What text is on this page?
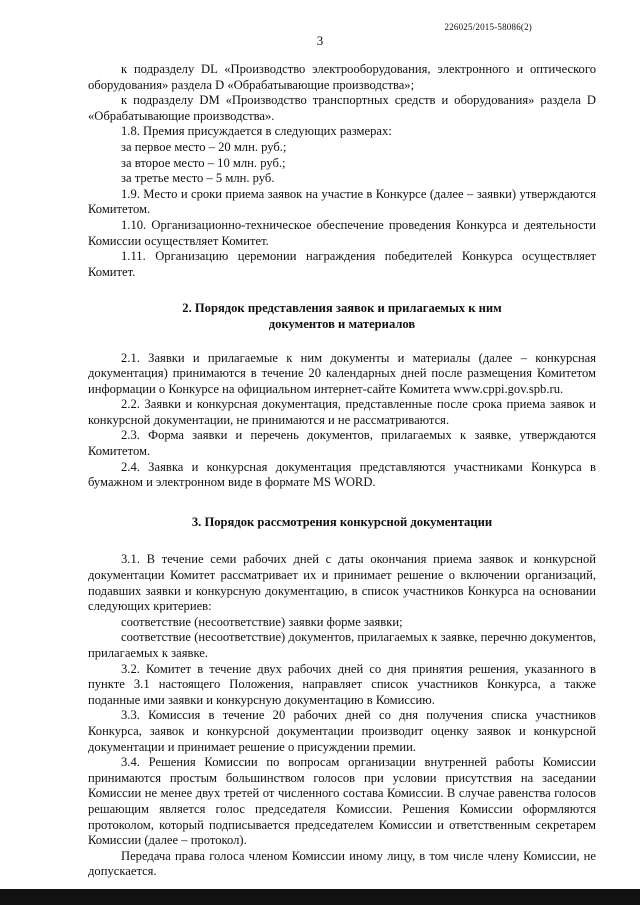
226025/2015-58086(2)
3

к подразделу DL «Производство электрооборудования, электронного и оптического оборудования» раздела D «Обрабатывающие производства»;

к подразделу DM «Производство транспортных средств и оборудования» раздела D «Обрабатывающие производства».

1.8. Премия присуждается в следующих размерах:

за первое место – 20 млн. руб.;

за второе место – 10 млн. руб.;

за третье место – 5 млн. руб.

1.9. Место и сроки приема заявок на участие в Конкурсе (далее – заявки) утверждаются Комитетом.

1.10. Организационно-техническое обеспечение проведения Конкурса и деятельности Комиссии осуществляет Комитет.

1.11. Организацию церемонии награждения победителей Конкурса осуществляет Комитет.

2. Порядок представления заявок и прилагаемых к ним

документов и материалов

2.1. Заявки и прилагаемые к ним документы и материалы (далее – конкурсная документация) принимаются в течение 20 календарных дней после размещения Комитетом информации о Конкурсе на официальном интернет-сайте Комитета www.cppi.gov.spb.ru.

2.2. Заявки и конкурсная документация, представленные после срока приема заявок и конкурсной документации, не принимаются и не рассматриваются.

2.3. Форма заявки и перечень документов, прилагаемых к заявке, утверждаются Комитетом.

2.4. Заявка и конкурсная документация представляются участниками Конкурса в бумажном и электронном виде в формате MS WORD.

3. Порядок рассмотрения конкурсной документации

3.1. В течение семи рабочих дней с даты окончания приема заявок и конкурсной документации Комитет рассматривает их и принимает решение о включении организаций, подавших заявки и конкурсную документацию, в список участников Конкурса на основании следующих критериев:

соответствие (несоответствие) заявки форме заявки;

соответствие (несоответствие) документов, прилагаемых к заявке, перечню документов, прилагаемых к заявке.

3.2. Комитет в течение двух рабочих дней со дня принятия решения, указанного в пункте 3.1 настоящего Положения, направляет список участников Конкурса, а также поданные ими заявки и конкурсную документацию в Комиссию.

3.3. Комиссия в течение 20 рабочих дней со дня получения списка участников Конкурса, заявок и конкурсной документации производит оценку заявок и конкурсной документации и принимает решение о присуждении премии.

3.4. Решения Комиссии по вопросам организации внутренней работы Комиссии принимаются простым большинством голосов при условии присутствия на заседании Комиссии не менее двух третей от численного состава Комиссии. В случае равенства голосов решающим является голос председателя Комиссии. Решения Комиссии оформляются протоколом, который подписывается председателем Комиссии и ответственным секретарем Комиссии (далее – протокол).

Передача права голоса членом Комиссии иному лицу, в том числе члену Комиссии, не допускается.
